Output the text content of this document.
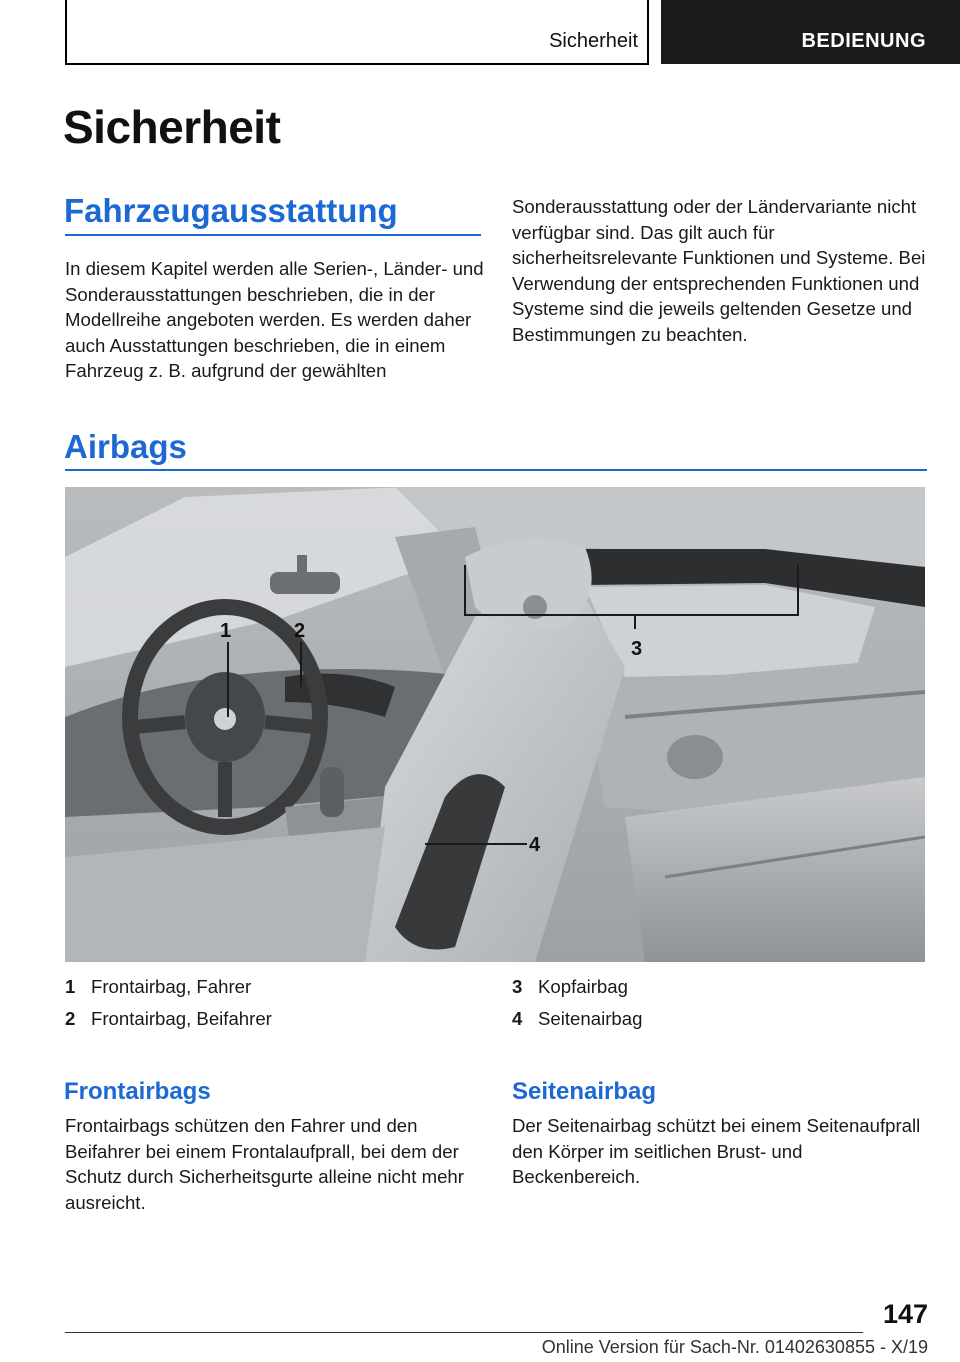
Sicherheit	BEDIENUNG
Sicherheit
Fahrzeugausstattung

In diesem Kapitel werden alle Serien-, Länder- und Sonderausstattungen beschrieben, die in der Modellreihe angeboten werden. Es werden daher auch Ausstattungen beschrieben, die in einem Fahrzeug z. B. aufgrund der gewählten

Sonderausstattung oder der Ländervariante nicht verfügbar sind. Das gilt auch für sicherheitsrelevante Funktionen und Systeme. Bei Verwendung der entsprechenden Funktionen und Systeme sind die jeweils geltenden Gesetze und Bestimmungen zu beachten.

Airbags
1	2
3
4
1 Frontairbag, Fahrer
2 Frontairbag, Beifahrer
3 Kopfairbag
4 Seitenairbag
Frontairbags

Frontairbags schützen den Fahrer und den Beifahrer bei einem Frontalaufprall, bei dem der Schutz durch Sicherheitsgurte alleine nicht mehr ausreicht.

Seitenairbag

Der Seitenairbag schützt bei einem Seitenaufprall den Körper im seitlichen Brust- und Beckenbereich.

147
Online Version für Sach-Nr. 01402630855 - X/19
